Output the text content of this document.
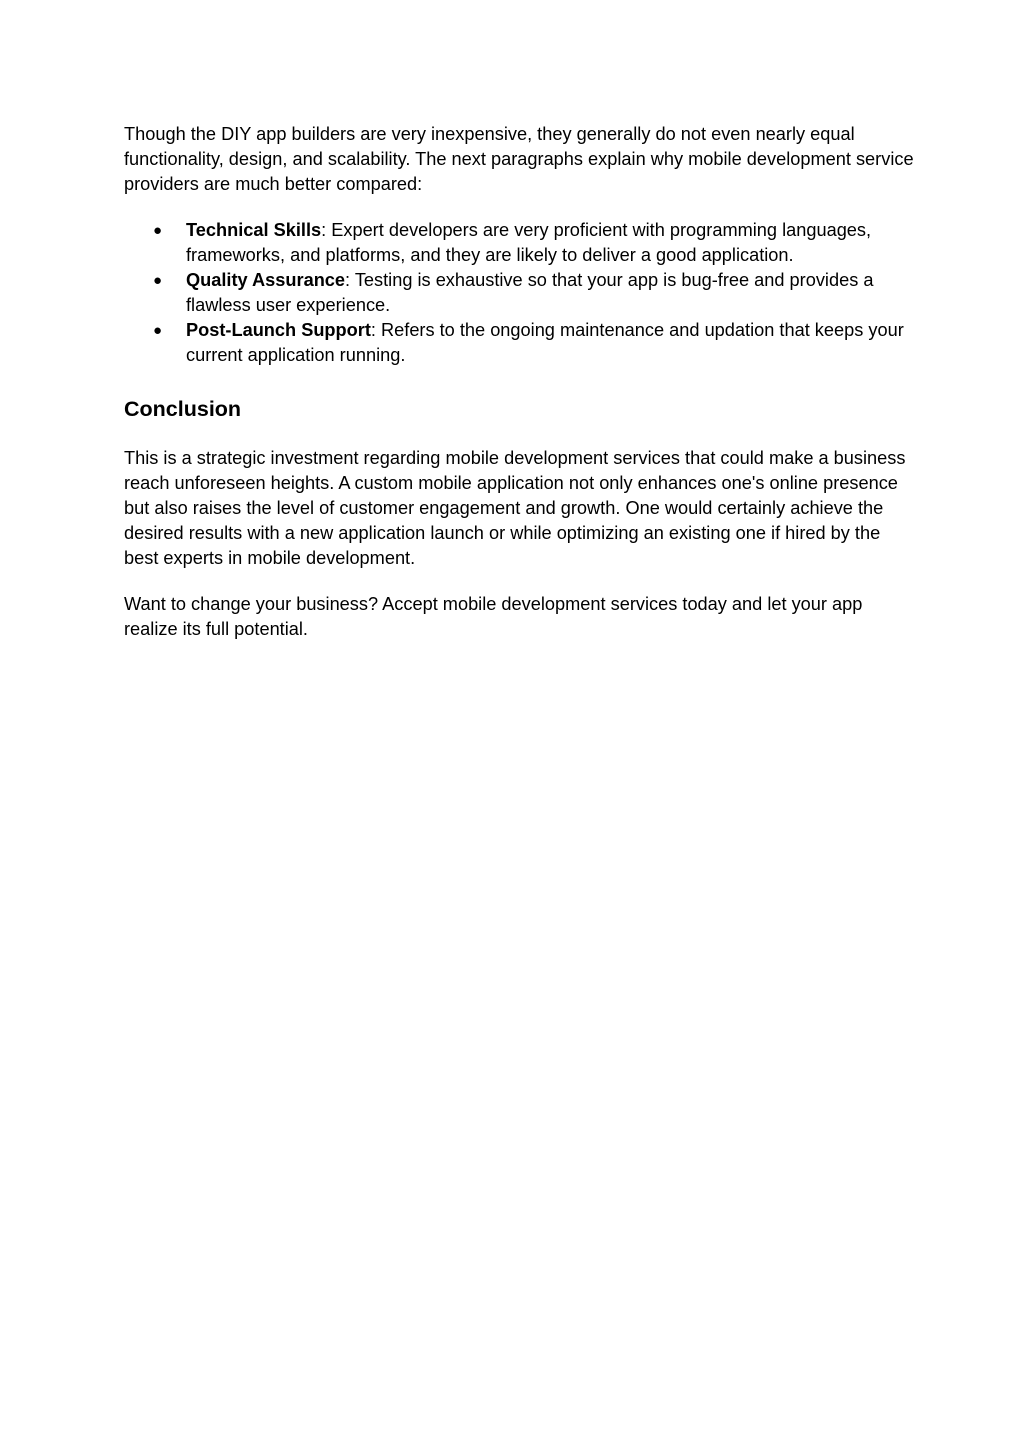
Though the DIY app builders are very inexpensive, they generally do not even nearly equal functionality, design, and scalability. The next paragraphs explain why mobile development service providers are much better compared:

● Technical Skills: Expert developers are very proficient with programming languages, frameworks, and platforms, and they are likely to deliver a good application.
● Quality Assurance: Testing is exhaustive so that your app is bug-free and provides a flawless user experience.
● Post-Launch Support: Refers to the ongoing maintenance and updation that keeps your current application running.
Conclusion

This is a strategic investment regarding mobile development services that could make a business reach unforeseen heights. A custom mobile application not only enhances one's online presence but also raises the level of customer engagement and growth. One would certainly achieve the desired results with a new application launch or while optimizing an existing one if hired by the best experts in mobile development.

Want to change your business? Accept mobile development services today and let your app realize its full potential.
